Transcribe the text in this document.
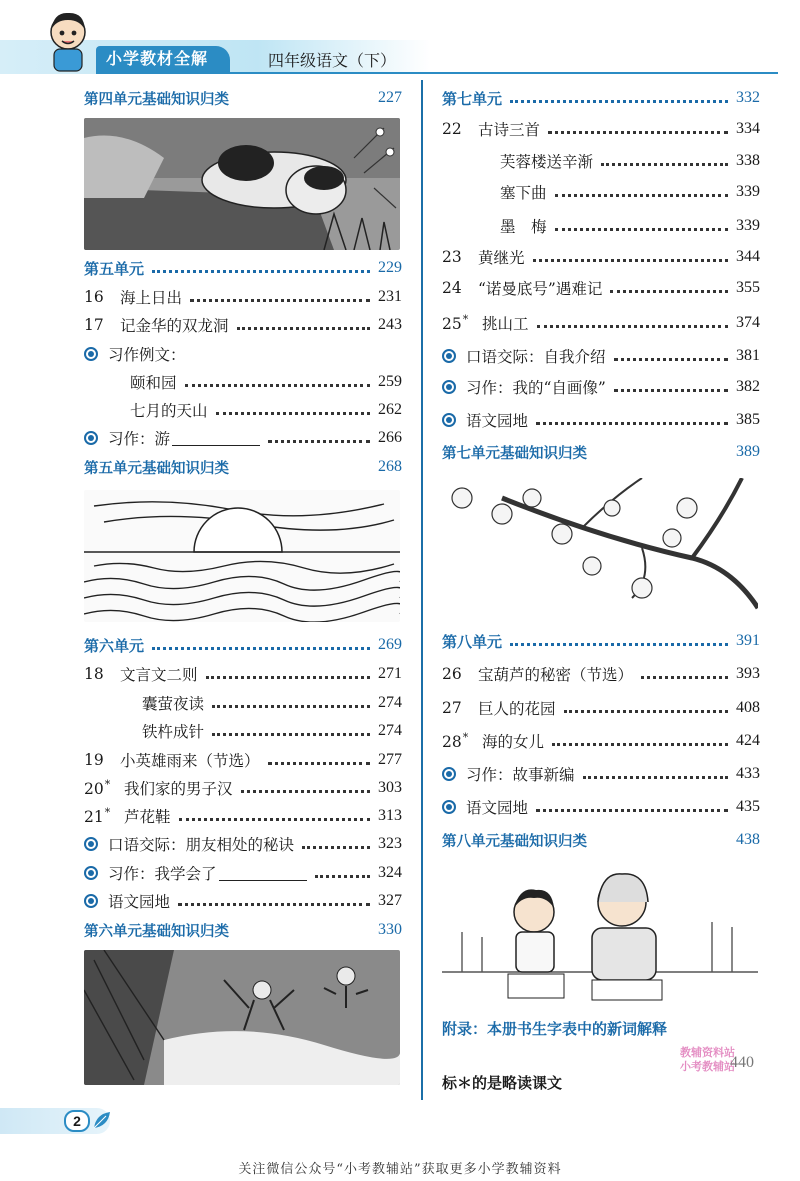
小学教材全解	四年级语文（下）
第四单元基础知识归类	227
第五单元	229
16	海上日出	231
17	记金华的双龙洞	243
习作例文：
颐和园	259
七月的天山	262
习作：游	266
第五单元基础知识归类	268
第六单元	269
18	文言文二则	271
囊萤夜读	274
铁杵成针	274
19	小英雄雨来（节选）	277
20* 我们家的男子汉	303
21* 芦花鞋	313
口语交际：朋友相处的秘诀	323
习作：我学会了	324
语文园地	327
第六单元基础知识归类	330
第七单元	332
22	古诗三首	334
芙蓉楼送辛渐	338
塞下曲	339
墨　梅	339
23	黄继光	344
24	“诺曼底号”遇难记	355
25* 挑山工	374
口语交际：自我介绍	381
习作：我的“自画像”	382
语文园地	385
第七单元基础知识归类	389
第八单元	391
26	宝葫芦的秘密（节选）	393
27	巨人的花园	408
28* 海的女儿	424
习作：故事新编	433
语文园地	435
第八单元基础知识归类	438
附录：本册书生字表中的新词解释
教辅资料站
小考教辅站
440
标＊的是略读课文
2
关注微信公众号“小考教辅站”获取更多小学教辅资料
